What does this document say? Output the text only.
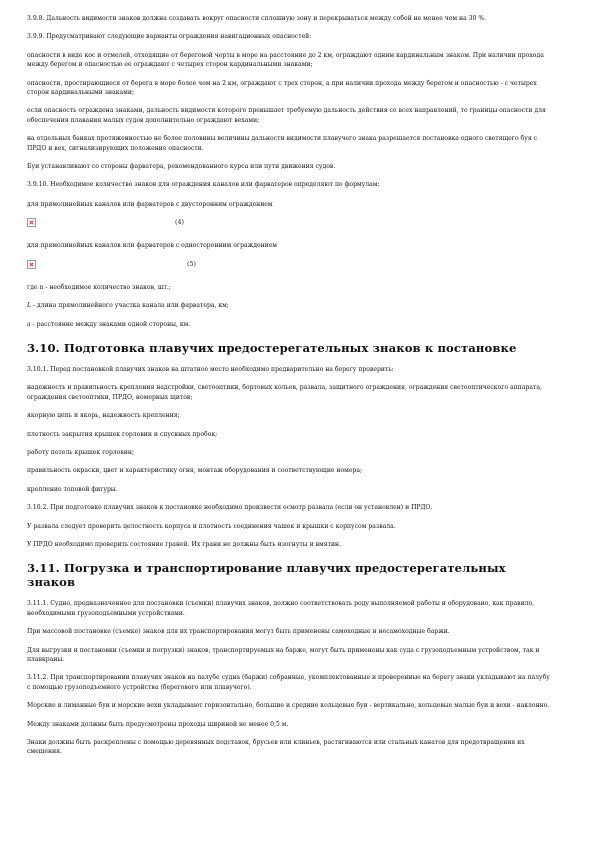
3.9.8. Дальность видимости знаков должна создавать вокруг опасности сплошную зону и перекрываться между собой не менее чем на 30 %.

3.9.9. Предусматривают следующие варианты ограждения навигационных опасностей:

опасности в виде кос и отмелей, отходящие от береговой черты в море на расстояние до 2 км, ограждают одним кардинальным знаком. При наличии прохода между берегом и опасностью ее ограждают с четырех сторон кардинальными знаками;

опасности, простирающиеся от берега в море более чем на 2 км, ограждают с трех сторон, а при наличии прохода между берегом и опасностью - с четырех сторон кардинальными знаками;

если опасность ограждена знаками, дальность видимости которого превышает требуемую дальность действия со всех направлений, то границы опасности для обеспечения плавания малых судов дополнительно ограждают вехами;

на отдельных банках протяженностью не более половины величины дальности видимости плавучего знака разрешается постановка одного светящего буя с ПРДО и вех, сигнализирующих положение опасности.

Буи устанавливают со стороны фарватера, рекомендованного курса или пути движения судов.

3.9.10. Необходимое количество знаков для ограждения каналов или фарватеров определяют по формулам:

для прямолинейных каналов или фарватеров с двусторонним ограждением

(4)

для прямолинейных каналов или фарватеров с односторонним ограждением

(5)

где n - необходимое количество знаков, шт.;

L - длина прямолинейного участка канала или фарватера, км;

a - расстояние между знаками одной стороны, км.

3.10. Подготовка плавучих предостерегательных знаков к постановке

3.10.1. Перед постановкой плавучих знаков на штатное место необходимо предварительно на берегу проверить:

надежность и правильность крепления надстройки, светооптики, бортовых кольев, развала, защитного ограждения, ограждения светооптического аппарата, ограждения светооптики, ПРДО, номерных щитов;

якорную цепь и якорь, надежность крепления;

плотность закрытия крышек горловин и спускных пробок;

работу петель крышек горловин;

правильность окраски, цвет и характеристику огня, монтаж оборудования и соответствующие номера;

крепление топовой фигуры.

3.10.2. При подготовке плавучих знаков к постановке необходимо произвести осмотр развала (если он установлен) и ПРДО.

У развала следует проверить целостность корпуса и плотность соединения чашек и крышки с корпусом развала.

У ПРДО необходимо проверить состояние граней. Их грани не должны быть изогнуты и вмятин.

3.11. Погрузка и транспортирование плавучих предостерегательных знаков

3.11.1. Судно, предназначенное для постановки (съемки) плавучих знаков, должно соответствовать роду выполняемой работы и оборудовано, как правило, необходимыми грузоподъемными устройствами.

При массовой постановке (съемке) знаков для их транспортирования могут быть применены самоходные и несамоходные баржи.

Для выгрузки и постановки (съемки и погрузки) знаков, транспортируемых на барже, могут быть применены как суда с грузоподъемным устройством, так и плавкраны.

3.11.2. При транспортировании плавучих знаков на палубе судна (баржи) собранные, укомплектованные и проверенные на берегу знаки укладывают на палубу с помощью грузоподъемного устройства (берегового или плавучего).

Морские и лиманные буи и морские вехи укладывают горизонтально, большие и средние кольцевые буи - вертикально, кольцевые малые буи и вехи - наклонно.

Между знаками должны быть предусмотрены проходы шириной не менее 0,5 м.

Знаки должны быть раскреплены с помощью деревянных подставок, брусьев или клиньев, растягиваются или стальных канатов для предотвращения их смещения.
